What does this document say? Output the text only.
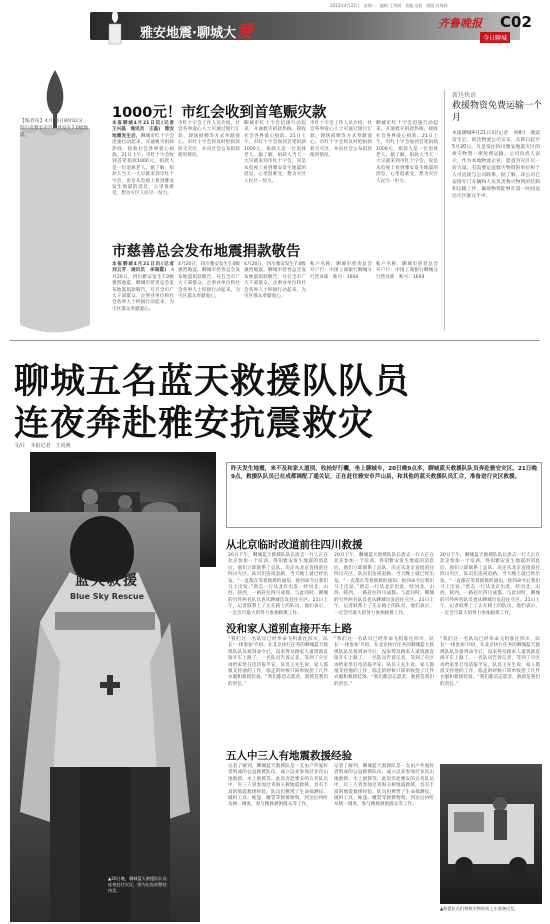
2013年4月22日　星期一　编辑 王秀娟　美编 边莉　组版 肖保伟
雅安地震·聊城大爱	齐鲁晚报 C02
今日聊城
【编者按】4月20日8时02分，四川省雅安市芦山县发生7.0级地震。
1000元！市红会收到首笔赈灾款
本报聊城4月21日讯(记者　王兴磊　通讯员　王磊)　雅安地震发生后，聊城市红十字会迅速行动起来，开通救灾捐款热线，接收社会各界爱心捐款。21日上午，市红十字会收到首笔捐款1000元，捐款人是一位退休老人。据了解，捐款人当天一大早就来到市红十字会，说是从电视上看到雅安发生地震的消息，心里很难受，想为灾区人民尽一份力。
市红十字会工作人员介绍，社会各界爱心人士可通过银行汇款、现场捐赠等方式奉献爱心。市红十字会将及时把捐款转交灾区，并向社会公布捐款使用情况。
聊城市红十字会迅速行动起来，开通救灾捐款热线，接收社会各界爱心捐款。21日上午，市红十字会收到首笔捐款1000元，捐款人是一位退休老人。据了解，捐款人当天一大早就来到市红十字会，说是从电视上看到雅安发生地震的消息，心里很难受，想为灾区人民尽一份力。
市红十字会工作人员介绍，社会各界爱心人士可通过银行汇款、现场捐赠等方式奉献爱心。市红十字会将及时把捐款转交灾区，并向社会公布捐款使用情况。
聊城市红十字会迅速行动起来，开通救灾捐款热线，接收社会各界爱心捐款。21日上午，市红十字会收到首笔捐款1000元，捐款人是一位退休老人。据了解，捐款人当天一大早就来到市红十字会，说是从电视上看到雅安发生地震的消息，心里很难受，想为灾区人民尽一份力。
市慈善总会发布地震捐款敬告
本报聊城4月21日讯(记者　刘云芳　通讯员　李瑞霞)　4月20日，四川雅安发生7.0级强烈地震。聊城市慈善总会发布地震捐款敬告，号召全市广大干部群众、企事业单位和社会各界人士积极行动起来，为灾区群众奉献爱心。
4月20日，四川雅安发生7.0级强烈地震。聊城市慈善总会发布地震捐款敬告，号召全市广大干部群众、企事业单位和社会各界人士积极行动起来，为灾区群众奉献爱心。
4月20日，四川雅安发生7.0级强烈地震。聊城市慈善总会发布地震捐款敬告，号召全市广大干部群众、企事业单位和社会各界人士积极行动起来，为灾区群众奉献爱心。
账户名称：聊城市慈善总会　开户行：中国工商银行聊城分行营业部　账号：1604
账户名称：聊城市慈善总会　开户行：中国工商银行聊城分行营业部　账号：1604
新达快语
救援物资免费运输一个月
本报聊城4月21日讯(记者　刘彬)　地震发生后，新达物流公司宣布，从即日起至5月20日，凡是发往四川雅安地震灾区的救灾物资一律免费运输。公司负责人表示，作为本地物流企业，愿意为灾区尽一份力量。有需要运送救灾物资的单位和个人可直接与公司联系。据了解，该公司已安排专门车辆和人员负责救灾物资的装卸和运输工作，确保物资能够在第一时间送达灾区群众手中。
聊城五名蓝天救援队队员
连夜奔赴雅安抗震救灾
文/片　本报记者　王尚燕
昨天发生地震，来不及和家人道别，收拾好行囊，坐上聊城车，20日晚9点多，聊城蓝天救援队队员奔赴雅安灾区。21日晚9点，救援队队员已在成都调配了通关证，正在赶往雅安市芦山县，和其他的蓝天救援队员汇合，准备进行灾区救援。
蓝天救援
Blue Sky Rescue
▲20日晚，聊城蓝天救援队队员连夜赶往灾区，图为出发前整装待发。
从北京临时改道前往四川救援
20日下午，聊城蓝天救援队队长唐志一行人正在北京参加一个培训，得知雅安发生地震的消息后，他们立即联系了总队，决定从北京直接前往四川灾区。队员们连夜赶路，当天晚上就已经出发。“一直都在等着救援的通知，接到命令后我们马上出发。”唐志一行从北京出发，经河北、山西、陕西，一路赶往四川成都。与此同时，聊城的另外两名队员也从聊城出发赶往灾区。21日上午，记者联系上了正在路上的队员，他们表示，一定会尽最大的努力参加救援工作。
20日下午，聊城蓝天救援队队长唐志一行人正在北京参加一个培训，得知雅安发生地震的消息后，他们立即联系了总队，决定从北京直接前往四川灾区。队员们连夜赶路，当天晚上就已经出发。“一直都在等着救援的通知，接到命令后我们马上出发。”唐志一行从北京出发，经河北、山西、陕西，一路赶往四川成都。与此同时，聊城的另外两名队员也从聊城出发赶往灾区。21日上午，记者联系上了正在路上的队员，他们表示，一定会尽最大的努力参加救援工作。
20日下午，聊城蓝天救援队队长唐志一行人正在北京参加一个培训，得知雅安发生地震的消息后，他们立即联系了总队，决定从北京直接前往四川灾区。队员们连夜赶路，当天晚上就已经出发。“一直都在等着救援的通知，接到命令后我们马上出发。”唐志一行从北京出发，经河北、山西、陕西，一路赶往四川成都。与此同时，聊城的另外两名队员也从聊城出发赶往灾区。21日上午，记者联系上了正在路上的队员，他们表示，一定会尽最大的努力参加救援工作。
没和家人道别直接开车上路
“我们这一名队员已经奉命飞机准往四川，队长‘一排参加’介绍，在北京执行任务的聊城蓝天救援队队员接到命令后，没来得及跟家人道别就直接开车上路了。一名队员告诉记者，等到了灾区再给家里打电话报平安。队员王先生说，家人都很支持他的工作，临走的时候只简单收拾了几件衣服和救援装备。“我们都是志愿者，救援是我们的责任。”
“我们这一名队员已经奉命飞机准往四川，队长‘一排参加’介绍，在北京执行任务的聊城蓝天救援队队员接到命令后，没来得及跟家人道别就直接开车上路了。一名队员告诉记者，等到了灾区再给家里打电话报平安。队员王先生说，家人都很支持他的工作，临走的时候只简单收拾了几件衣服和救援装备。“我们都是志愿者，救援是我们的责任。”
“我们这一名队员已经奉命飞机准往四川，队长‘一排参加’介绍，在北京执行任务的聊城蓝天救援队队员接到命令后，没来得及跟家人道别就直接开车上路了。一名队员告诉记者，等到了灾区再给家里打电话报平安。队员王先生说，家人都很支持他的工作，临走的时候只简单收拾了几件衣服和救援装备。“我们都是志愿者，救援是我们的责任。”
五人中三人有地震救援经验
记者了解到，聊城蓝天救援队是一支由户外爱好者组成的公益救援队伍，成立以来参加过多次山地救援、水上救援等。此次奔赴雅安的五名队员中，有三人曾参加过青海玉树地震救援，具有丰富的地震救援经验。队员们携带了生命探测仪、破拆工具、帐篷、睡袋等救援物资，到达后将听从统一调度，参与搜救被困群众等工作。
记者了解到，聊城蓝天救援队是一支由户外爱好者组成的公益救援队伍，成立以来参加过多次山地救援、水上救援等。此次奔赴雅安的五名队员中，有三人曾参加过青海玉树地震救援，具有丰富的地震救援经验。队员们携带了生命探测仪、破拆工具、帐篷、睡袋等救援物资，到达后将听从统一调度，参与搜救被困群众等工作。
▲救援队员们将救灾物资装上车准备出发。
